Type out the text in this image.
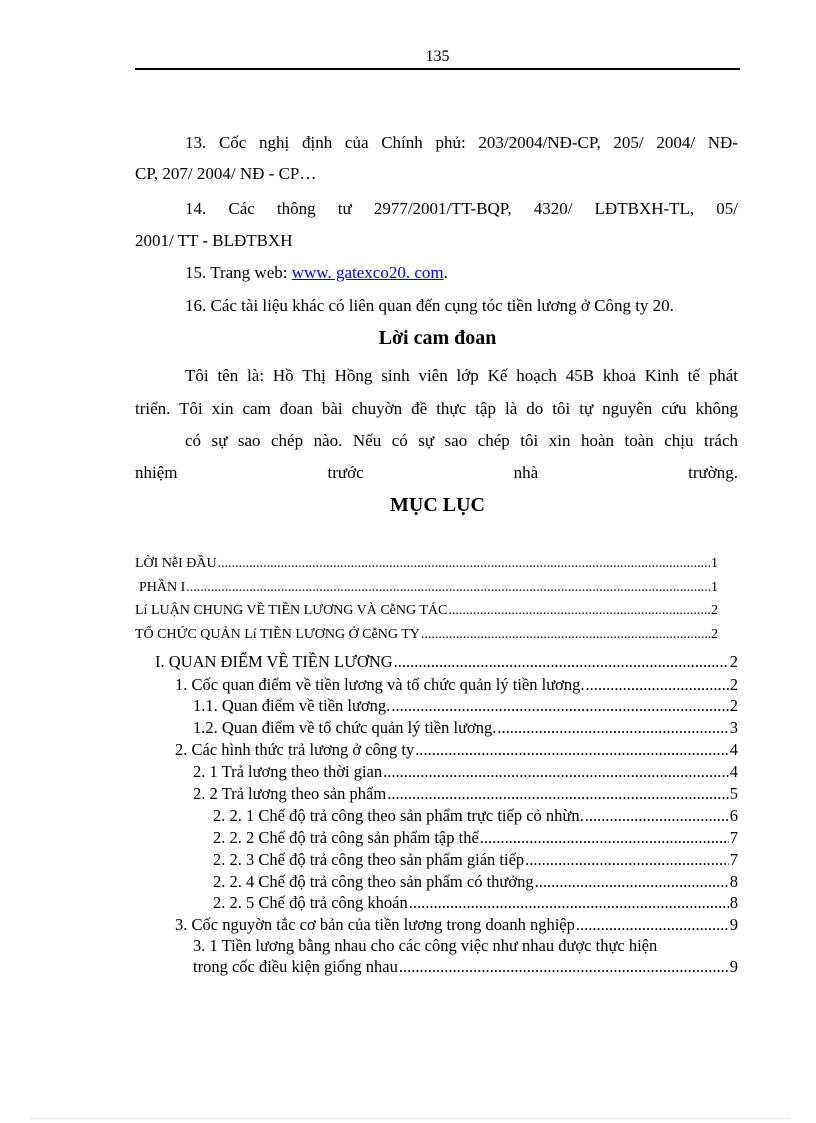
135
13. Cốc nghị định của Chính phủ: 203/2004/NĐ-CP, 205/ 2004/ NĐ-
CP, 207/ 2004/ NĐ - CP…
14. Các thông tư 2977/2001/TT-BQP, 4320/ LĐTBXH-TL, 05/
2001/ TT - BLĐTBXH
15. Trang web: www. gatexco20. com.
16. Các tài liệu khác có liên quan đến cụng tóc tiền lương ở Công ty 20.
Lời cam đoan
Tôi tên là: Hồ Thị Hồng sinh viên lớp Kế hoạch 45B khoa Kinh tế phát
triển. Tôi xin cam đoan bài chuyờn đề thực tập là do tôi tự nguyên cứu không
có sự sao chép nào. Nếu có sự sao chép tôi xin hoàn toàn chịu trách
nhiệm	trước	nhà	trường.
MỤC LỤC
LỜI NễI ĐẦU .....	1
PHẦN I .....	1
Lí LUẬN CHUNG VỀ TIỀN LƯƠNG VÀ CễNG TÁC .....	2
TỔ CHỨC QUẢN Lí TIỀN LƯƠNG Ở CễNG TY .....	2
I. QUAN ĐIỂM VỀ TIỀN LƯƠNG .....	2
1. Cốc quan điểm về tiền lương và tổ chức quản lý tiền lương. .....	2
1.1. Quan điểm về tiền lương. .....	2
1.2. Quan điểm về tổ chức quản lý tiền lương. .....	3
2. Các hình thức trả lương ở công ty .....	4
2. 1 Trả lương theo thời gian .....	4
2. 2 Trả lương theo sản phẩm .....	5
2. 2. 1 Chế độ trả công theo sản phẩm trực tiếp cỏ nhừn. .....	6
2. 2. 2 Chế độ trả công sản phẩm tập thể .....	7
2. 2. 3 Chế độ trả công theo sản phẩm gián tiếp .....	7
2. 2. 4 Chế độ trả công theo sản phẩm có thưởng .....	8
2. 2. 5 Chế độ trả công khoán .....	8
3. Cốc nguyờn tắc cơ bản của tiền lương trong doanh nghiệp .....	9
3. 1 Tiền lương bằng nhau cho các công việc như nhau được thực hiện
trong cốc điều kiện giống nhau .....	9
